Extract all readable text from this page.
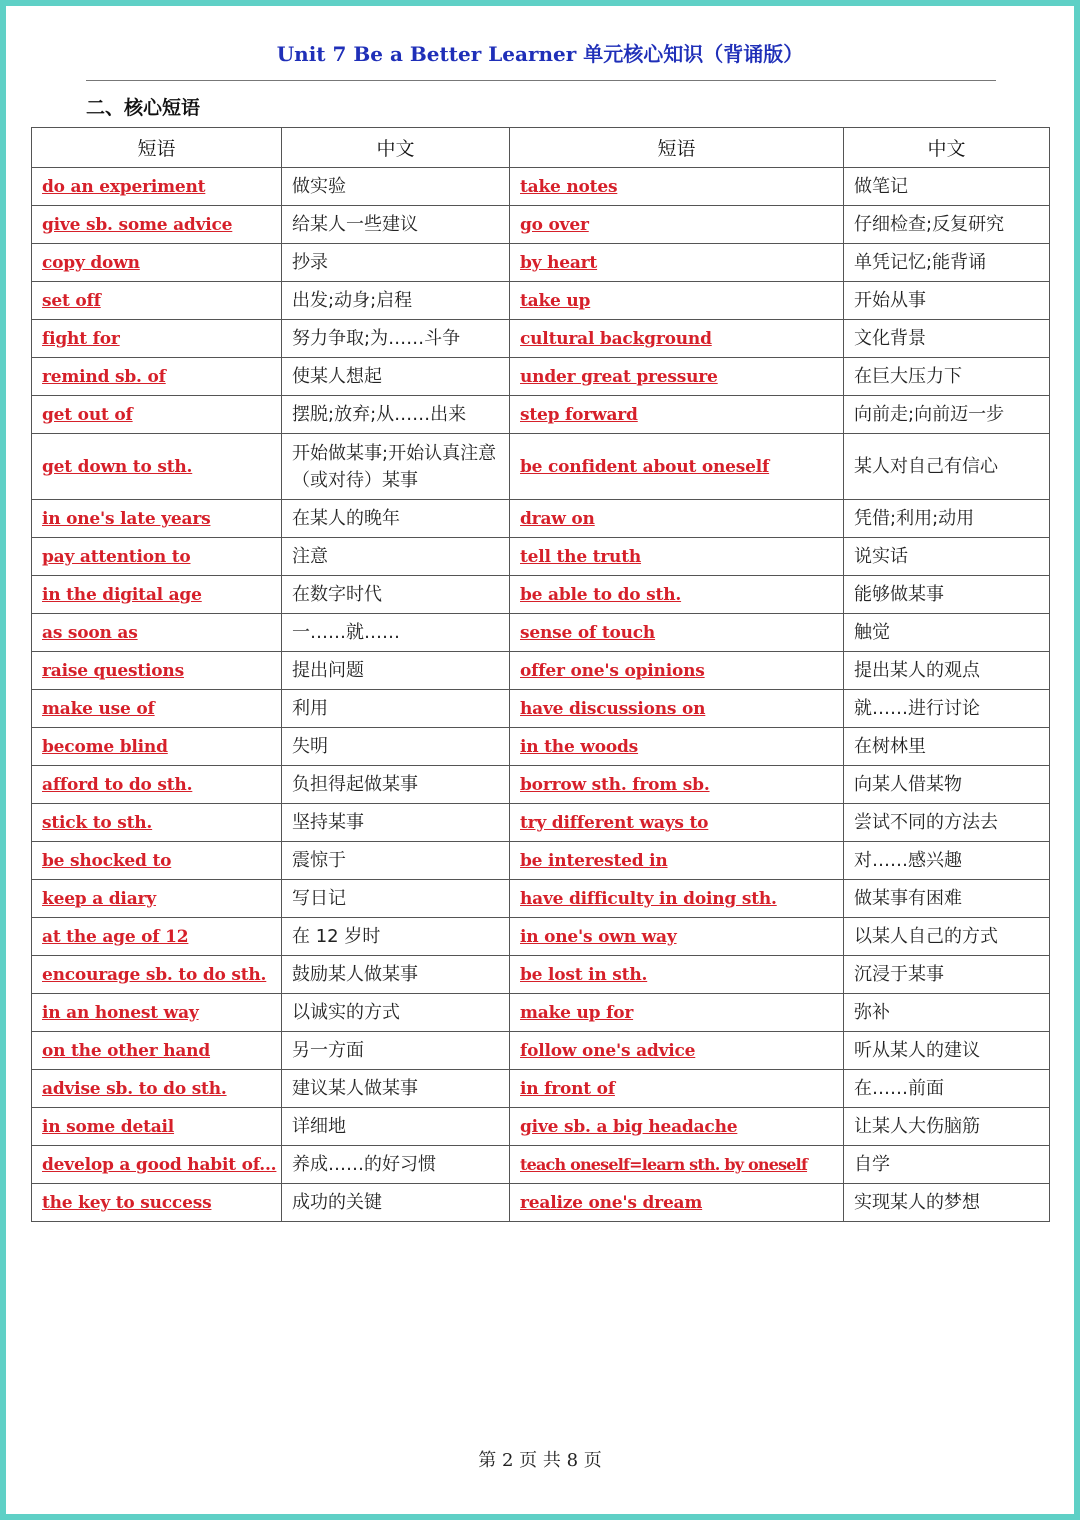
Unit 7 Be a Better Learner 单元核心知识（背诵版）
二、核心短语
短语	中文	短语	中文
do an experiment	做实验	take notes	做笔记
give sb. some advice	给某人一些建议	go over	仔细检查;反复研究
copy down	抄录	by heart	单凭记忆;能背诵
set off	出发;动身;启程	take up	开始从事
fight for	努力争取;为……斗争	cultural background	文化背景
remind sb. of	使某人想起	under great pressure	在巨大压力下
get out of	摆脱;放弃;从……出来	step forward	向前走;向前迈一步
get down to sth.	开始做某事;开始认真注意（或对待）某事	be confident about oneself	某人对自己有信心
in one's late years	在某人的晚年	draw on	凭借;利用;动用
pay attention to	注意	tell the truth	说实话
in the digital age	在数字时代	be able to do sth.	能够做某事
as soon as	一……就……	sense of touch	触觉
raise questions	提出问题	offer one's opinions	提出某人的观点
make use of	利用	have discussions on	就……进行讨论
become blind	失明	in the woods	在树林里
afford to do sth.	负担得起做某事	borrow sth. from sb.	向某人借某物
stick to sth.	坚持某事	try different ways to	尝试不同的方法去
be shocked to	震惊于	be interested in	对……感兴趣
keep a diary	写日记	have difficulty in doing sth.	做某事有困难
at the age of 12	在 12 岁时	in one's own way	以某人自己的方式
encourage sb. to do sth.	鼓励某人做某事	be lost in sth.	沉浸于某事
in an honest way	以诚实的方式	make up for	弥补
on the other hand	另一方面	follow one's advice	听从某人的建议
advise sb. to do sth.	建议某人做某事	in front of	在……前面
in some detail	详细地	give sb. a big headache	让某人大伤脑筋
develop a good habit of...	养成……的好习惯	teach oneself=learn sth. by oneself	自学
the key to success	成功的关键	realize one's dream	实现某人的梦想
第 2 页 共 8 页
